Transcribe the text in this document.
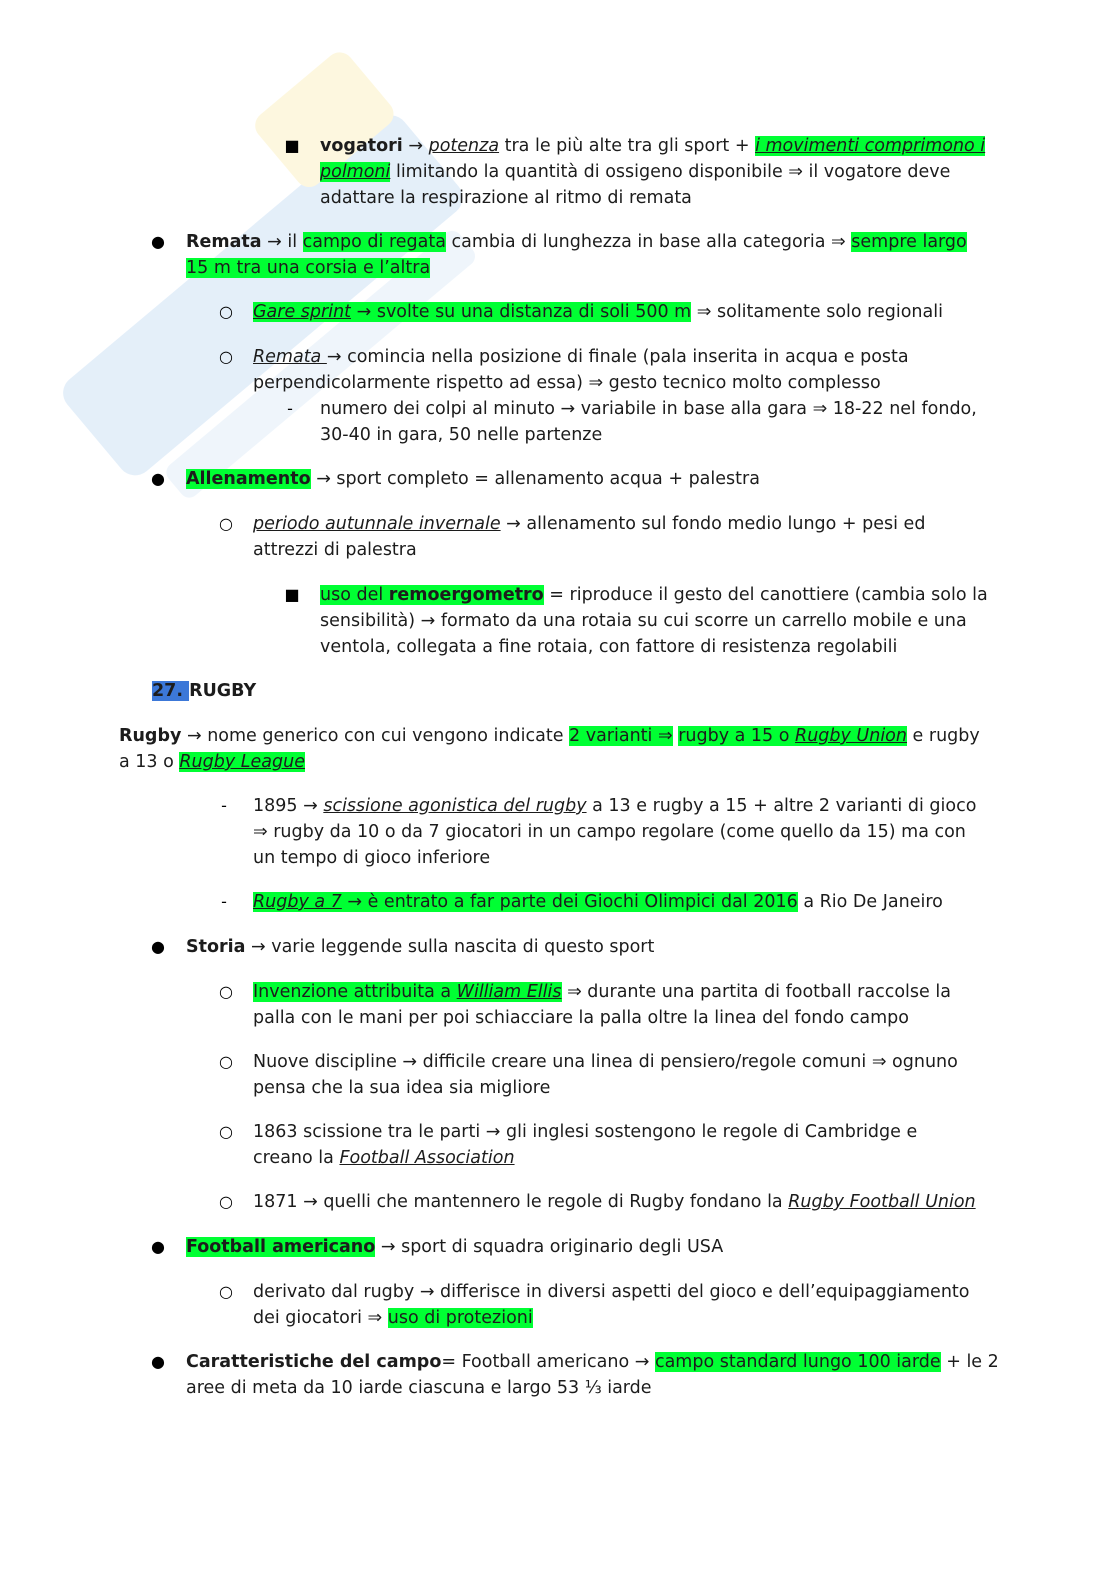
■ vogatori → potenza tra le più alte tra gli sport + i movimenti comprimono i
polmoni limitando la quantità di ossigeno disponibile ⇒ il vogatore deve
adattare la respirazione al ritmo di remata
● Remata → il campo di regata cambia di lunghezza in base alla categoria ⇒ sempre largo
15 m tra una corsia e l’altra
○ Gare sprint → svolte su una distanza di soli 500 m ⇒ solitamente solo regionali
○ Remata → comincia nella posizione di finale (pala inserita in acqua e posta
perpendicolarmente rispetto ad essa) ⇒ gesto tecnico molto complesso
-	numero dei colpi al minuto → variabile in base alla gara ⇒ 18-22 nel fondo,
30-40 in gara, 50 nelle partenze
● Allenamento → sport completo = allenamento acqua + palestra
○ periodo autunnale invernale → allenamento sul fondo medio lungo + pesi ed
attrezzi di palestra
■ uso del remoergometro = riproduce il gesto del canottiere (cambia solo la
sensibilità) → formato da una rotaia su cui scorre un carrello mobile e una
ventola, collegata a fine rotaia, con fattore di resistenza regolabili
27. RUGBY
Rugby → nome generico con cui vengono indicate 2 varianti ⇒ rugby a 15 o Rugby Union e rugby
a 13 o Rugby League
-	1895 → scissione agonistica del rugby a 13 e rugby a 15 + altre 2 varianti di gioco
⇒ rugby da 10 o da 7 giocatori in un campo regolare (come quello da 15) ma con
un tempo di gioco inferiore
-	Rugby a 7 → è entrato a far parte dei Giochi Olimpici dal 2016 a Rio De Janeiro
● Storia → varie leggende sulla nascita di questo sport
○ Invenzione attribuita a William Ellis ⇒ durante una partita di football raccolse la
palla con le mani per poi schiacciare la palla oltre la linea del fondo campo
○ Nuove discipline → difficile creare una linea di pensiero/regole comuni ⇒ ognuno
pensa che la sua idea sia migliore
○ 1863 scissione tra le parti → gli inglesi sostengono le regole di Cambridge e
creano la Football Association
○ 1871 → quelli che mantennero le regole di Rugby fondano la Rugby Football Union
● Football americano → sport di squadra originario degli USA
○ derivato dal rugby → differisce in diversi aspetti del gioco e dell’equipaggiamento
dei giocatori ⇒ uso di protezioni
● Caratteristiche del campo= Football americano → campo standard lungo 100 iarde + le 2
aree di meta da 10 iarde ciascuna e largo 53 ⅓ iarde
